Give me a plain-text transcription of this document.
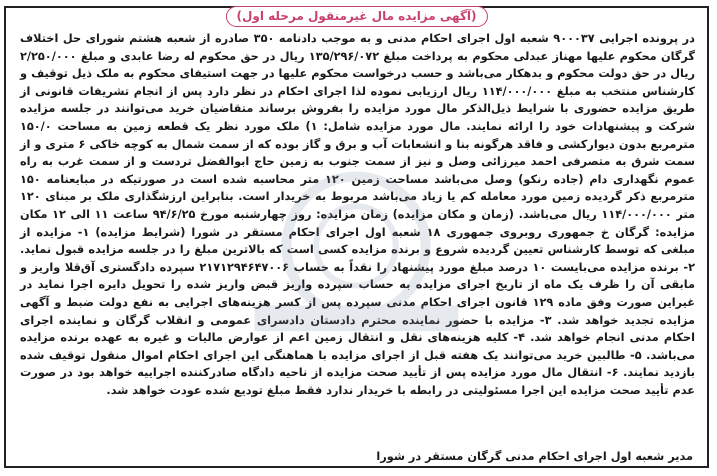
(آگهی مزایده مال غیرمنقول مرحله اول)
در پرونده اجرایی ۹۰۰۰۳۷ شعبه اول اجرای احکام مدنی و به موجب دادنامه ۳۵۰ صادره از شعبه هشتم شورای حل اختلاف گرگان محکوم علیها مهناز عبدلی محکوم به پرداخت مبلغ ۱۳۵/۲۹۶/۰۷۲ ریال در حق محکوم له رضا عابدی و مبلغ ۲/۲۵۰/۰۰۰ ریال در حق دولت محکوم و بدهکار می‌باشد و حسب درخواست محکوم علیها در جهت استیفای محکوم به ملک ذیل توقیف و کارشناس منتخب به مبلغ ۱۱۴/۰۰۰/۰۰۰ ریال ارزیابی نموده لذا اجرای احکام در نظر دارد پس از انجام تشریفات قانونی از طریق مزایده حضوری با شرایط ذیل‌الذکر مال مورد مزایده را بفروش برساند متقاضیان خرید می‌توانند در جلسه مزایده شرکت و پیشنهادات خود را ارائه نمایند. مال مورد مزایده شامل: ۱) ملک مورد نظر یک قطعه زمین به مساحت ۱۵۰/۰ مترمربع بدون دیوارکشی و فاقد هرگونه بنا و انشعابات آب و برق و گاز بوده که از سمت شمال به کوچه خاکی ۶ متری و از سمت شرق به متصرفی احمد میرزائی وصل و نیز از سمت جنوب به زمین حاج ابوالفضل تردست و از سمت غرب به راه عموم نگهداری دام (جاده رنکو) وصل می‌باشد مساحت زمین ۱۲۰ متر محاسبه شده است در صورتیکه در مبایعنامه ۱۵۰ مترمربع ذکر گردیده زمین مورد معامله کم یا زیاد می‌باشد مربوط به خریدار است. بنابراین ارزشگذاری ملک بر مبنای ۱۲۰ متر ۱۱۴/۰۰۰/۰۰۰ ریال می‌باشد. (زمان و مکان مزایده) زمان مزایده: روز چهارشنبه مورخ ۹۴/۶/۲۵ ساعت ۱۱ الی ۱۲ مکان مزایده: گرگان خ جمهوری روبروی جمهوری ۱۸ شعبه اول اجرای احکام مستقر در شورا (شرایط مزایده) ۱- مزایده از مبلغی که توسط کارشناس تعیین گردیده شروع و برنده مزایده کسی است که بالاترین مبلغ را در جلسه مزایده قبول نماید. ۲- برنده مزایده می‌بایست ۱۰ درصد مبلغ مورد پیشنهاد را نقداً به حساب ۲۱۷۱۲۹۴۶۴۷۰۰۶ سپرده دادگستری آق‌قلا واریز و مابقی آن را ظرف یک ماه از تاریخ اجرای مزایده به حساب سپرده واریز قبض واریز شده را تحویل دایره اجرا نماید در غیراین صورت وفق ماده ۱۲۹ قانون اجرای احکام مدنی سپرده پس از کسر هزینه‌های اجرایی به نفع دولت ضبط و آگهی مزایده تجدید خواهد شد. ۳- مزایده با حضور نماینده محترم دادستان دادسرای عمومی و انقلاب گرگان و نماینده اجرای احکام مدنی انجام خواهد شد. ۴- کلیه هزینه‌های نقل و انتقال زمین اعم از عوارض مالیات و غیره به عهده برنده مزایده می‌باشد. ۵- طالبین خرید می‌توانند یک هفته قبل از اجرای مزایده با هماهنگی این اجرای احکام اموال منقول توقیف شده بازدید نمایند. ۶- انتقال مال مورد مزایده پس از تأیید صحت مزایده از ناحیه دادگاه صادرکننده اجراییه خواهد بود در صورت عدم تأیید صحت مزایده این اجرا مسئولیتی در رابطه با خریدار ندارد فقط مبلغ تودیع شده عودت خواهد شد.
مدیر شعبه اول اجرای احکام مدنی گرگان مستقر در شورا
